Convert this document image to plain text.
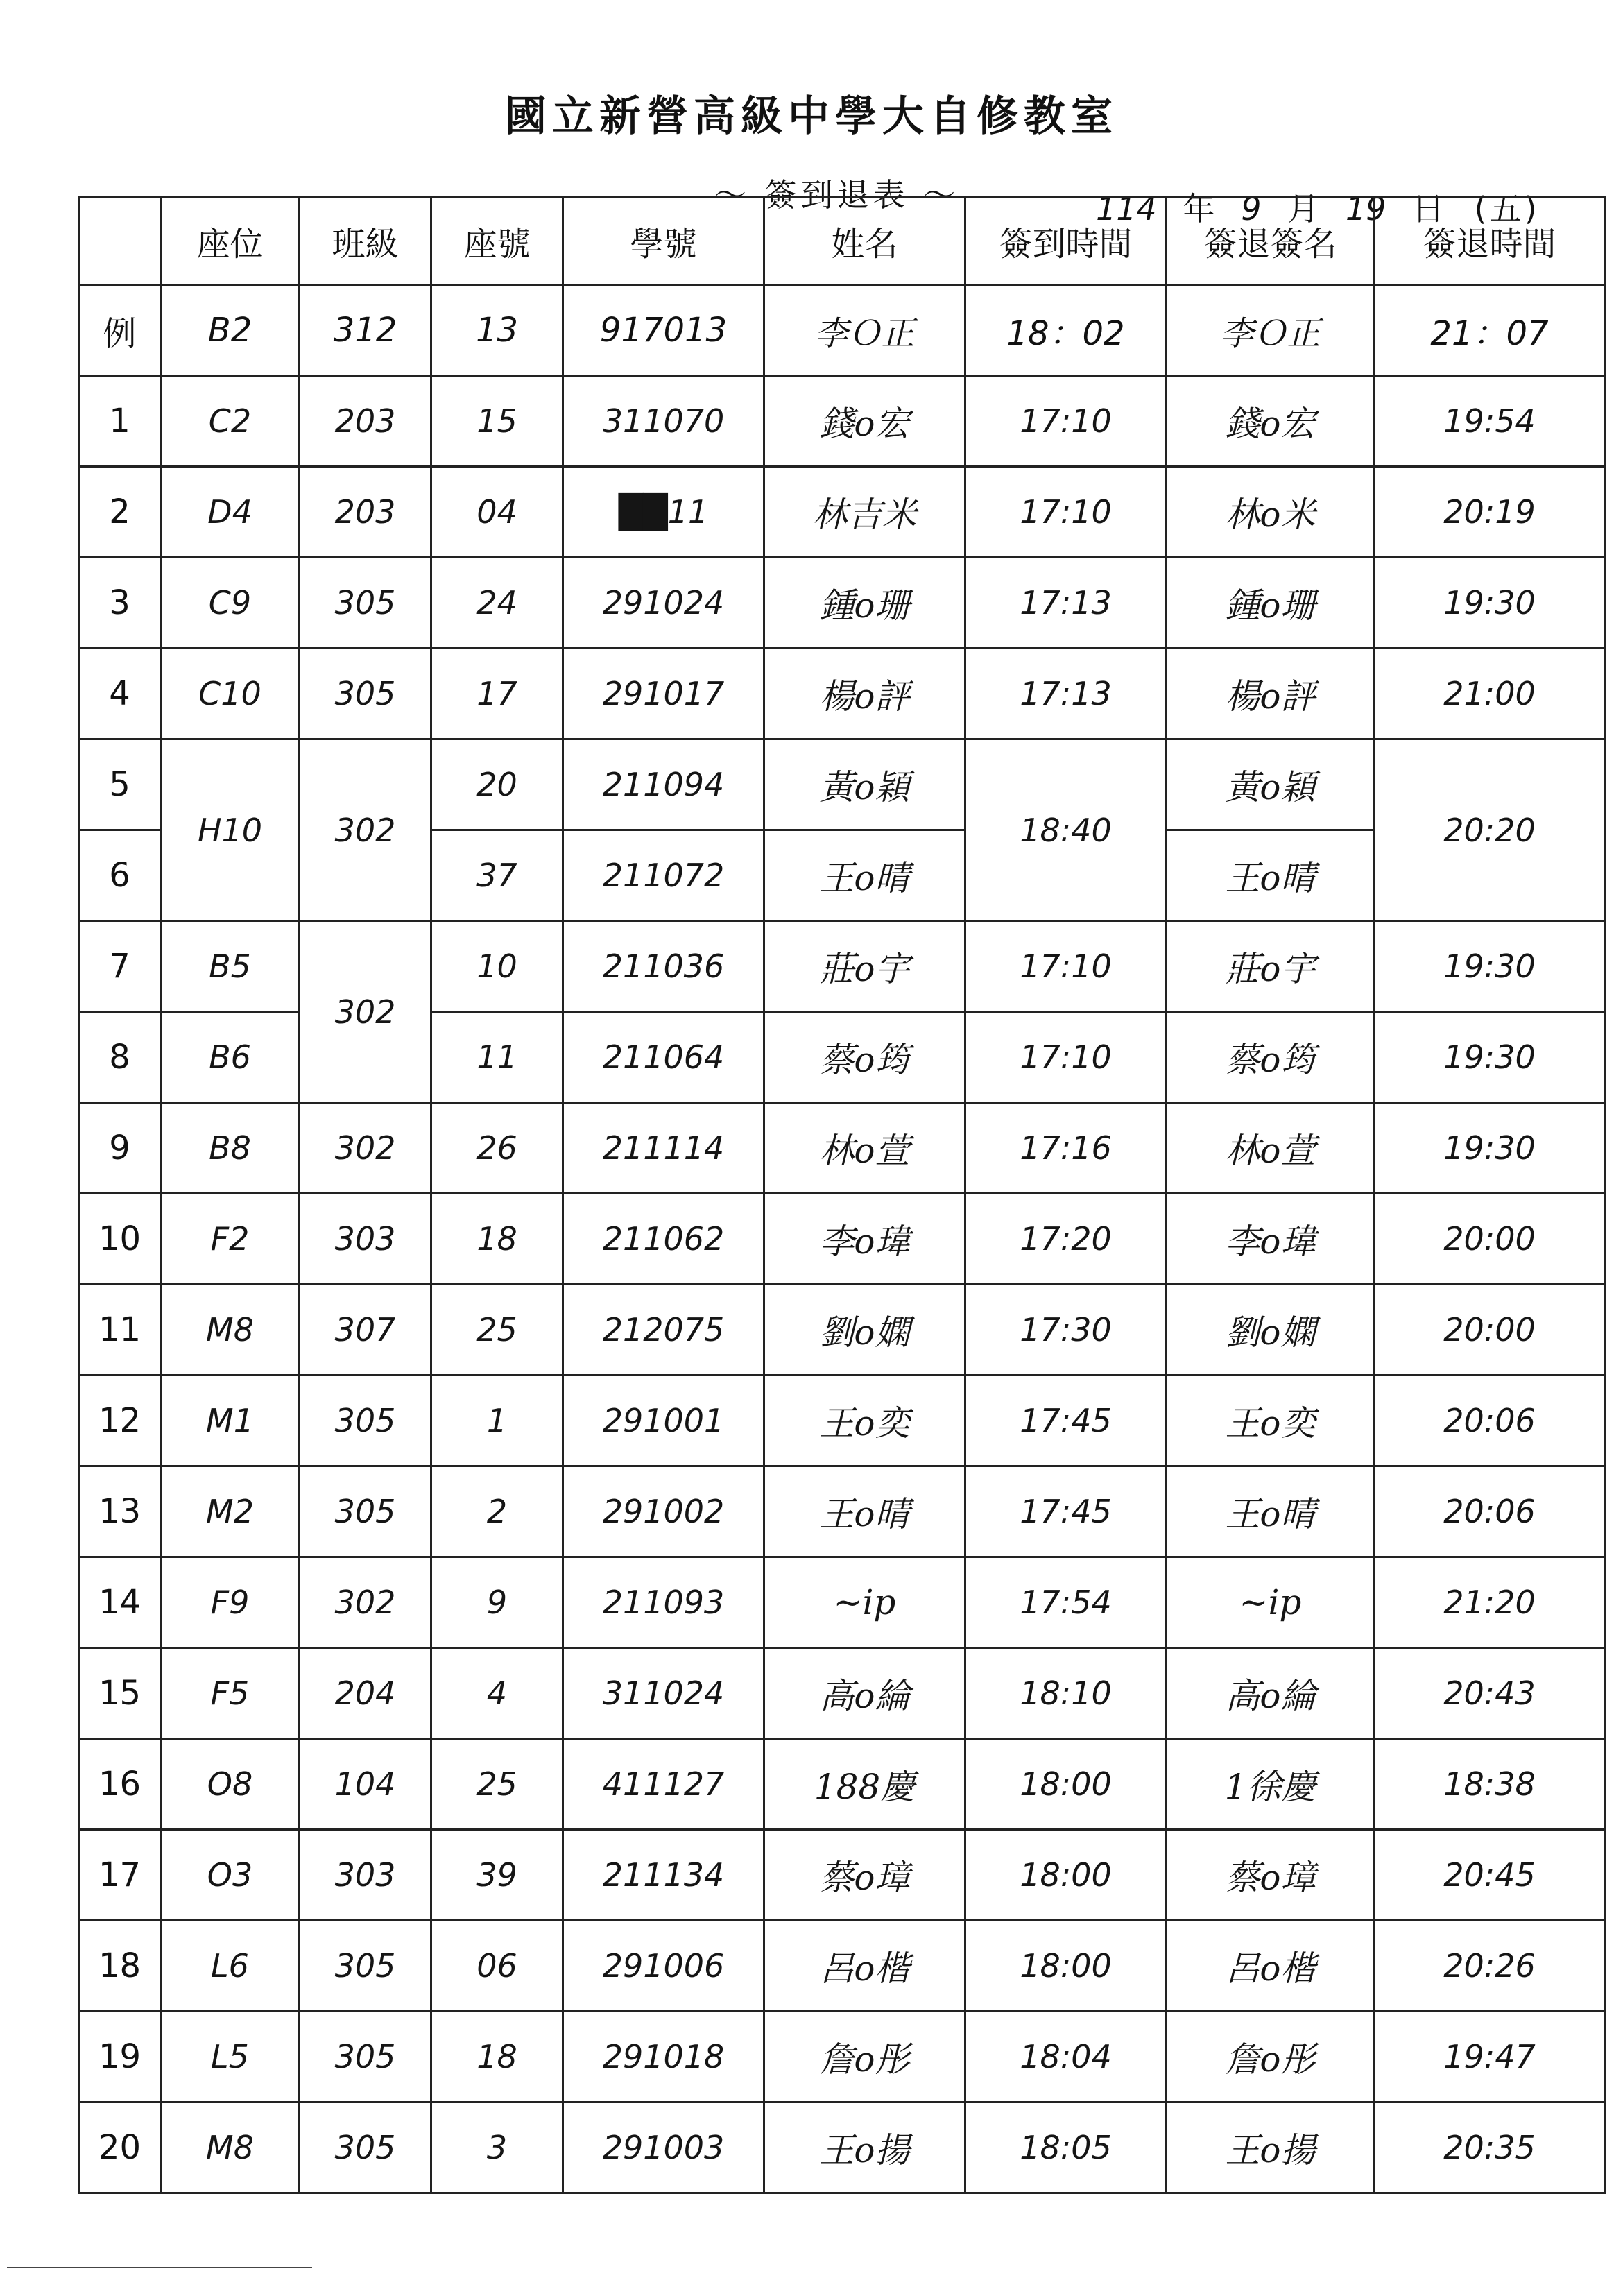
國立新營高級中學大自修教室
～ 簽到退表 ～	114 年 9 月 19 日 (五)
	座位	班級	座號	學號	姓名	簽到時間	簽退簽名	簽退時間
例	B2	312	13	917013	李Ｏ正	18：02	李Ｏ正	21：07
1	C2	203	15	311070	錢o宏	17:10	錢o宏	19:54
2	D4	203	04	██11	林吉米	17:10	林o米	20:19
3	C9	305	24	291024	鍾o珊	17:13	鍾o珊	19:30
4	C10	305	17	291017	楊o評	17:13	楊o評	21:00
5	H10	302	20	211094	黃o穎	18:40	黃o穎	20:20
6			37	211072	王o晴		王o晴	
7	B5	302	10	211036	莊o宇	17:10	莊o宇	19:30
8	B6		11	211064	蔡o筠	17:10	蔡o筠	19:30
9	B8	302	26	211114	林o萱	17:16	林o萱	19:30
10	F2	303	18	211062	李o瑋	17:20	李o瑋	20:00
11	M8	307	25	212075	劉o嫻	17:30	劉o嫻	20:00
12	M1	305	1	291001	王o奕	17:45	王o奕	20:06
13	M2	305	2	291002	王o晴	17:45	王o晴	20:06
14	F9	302	9	211093	~ip	17:54	~ip	21:20
15	F5	204	4	311024	高o綸	18:10	高o綸	20:43
16	O8	104	25	411127	188慶	18:00	1徐慶	18:38
17	O3	303	39	211134	蔡o璋	18:00	蔡o璋	20:45
18	L6	305	06	291006	呂o楷	18:00	呂o楷	20:26
19	L5	305	18	291018	詹o彤	18:04	詹o彤	19:47
20	M8	305	3	291003	王o揚	18:05	王o揚	20:35
